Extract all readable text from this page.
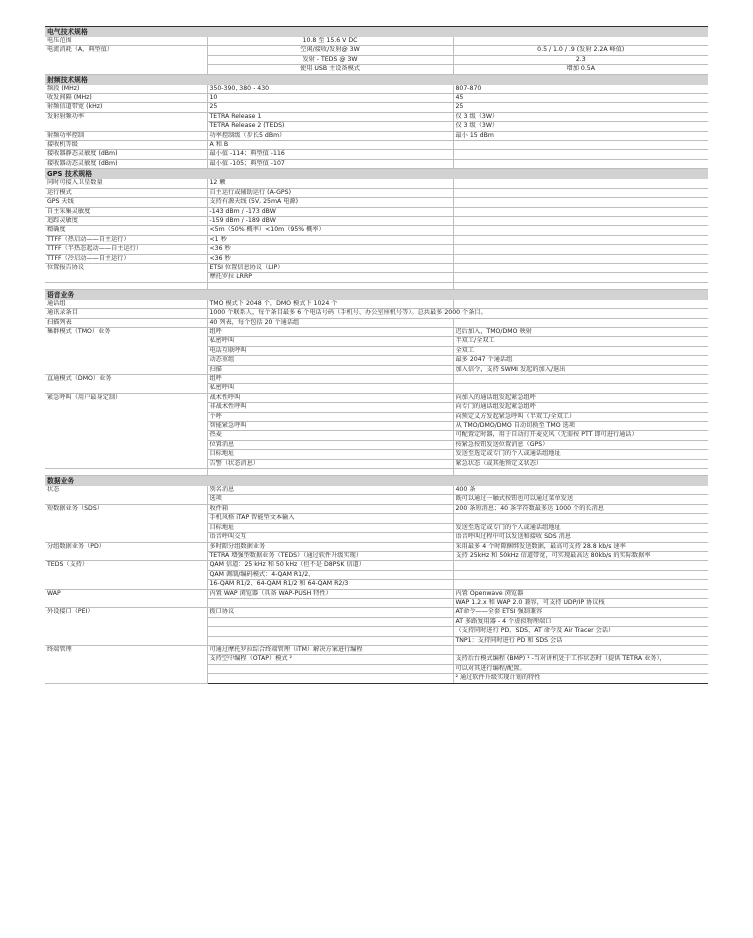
电气技术规格		
电压范围	10.8 至 15.6 V DC	
电流消耗（A，典型值）	空闲/接收/发射@ 3W	0.5 / 1.0 / .9 (发射 2.2A 峰值)
	发射 - TEDS @ 3W	2.3
	使用 USB 主设备模式	增加 0.5A
射频技术规格		
频段 (MHz)	350-390, 380 - 430	807-870
收发间隔 (MHz)	10	45
射频信道带宽 (kHz)	25	25
发射射频功率	TETRA Release 1	仅 3 级（3W）
	TETRA Release 2 (TEDS)	仅 3 级（3W）
射频功率控制	功率控制级（步长5 dBm）	最小 15 dBm
接收机等级	A 和 B	
接收器静态灵敏度 (dBm)	最小值 -114；典型值 -116	
接收器动态灵敏度 (dBm)	最小值 -105；典型值 -107	
GPS 技术规格		
同时可接入卫星数量	12 颗	
运行模式	自主运行或辅助运行 (A-GPS)	
GPS 天线	支持有源天线 (5V, 25mA 电源)	
自主采集灵敏度	-143 dBm / -173 dBW	
追踪灵敏度	-159 dBm / -189 dBW	
精确度	<5m（50% 概率）<10m（95% 概率）	
TTFF（热启动——自主运行）	<1 秒	
TTFF（半热态起动——自主运行）	<36 秒	
TTFF（冷启动——自主运行）	<36 秒	
位置报告协议	ETSI 位置信息协议（LIP）	
	摩托罗拉 LRRP	

语音业务		
通话组	TMO 模式下 2048 个，DMO 模式下 1024 个	
通讯录条目	1000 个联系人，每个条目最多 6 个电话号码（手机号、办公室座机号等）。总共最多 2000 个条目。	
扫描列表	40 列表，每个包括 20 个通话组	
集群模式（TMO）业务	组呼	迟后加入，TMO/DMO 映射
	私密呼叫	半双工/全双工
	电话互联呼叫	全双工
	动态重组	最多 2047 个通话组
	扫描	加入信令，支持 SWMI 发起的加入/退出
直通模式（DMO）业务	组呼	
	私密呼叫	
紧急呼叫（用户最身定制）	战术性呼叫	向加入的通话组发起紧急组呼
	非战术性呼叫	向专门的通话组发起紧急组呼
	个呼	向预定义方发起紧急呼叫（半双工/全双工）
	智能紧急呼叫	从 TMO/DMO/DMO 自动切换至 TMO 选项
	热麦	可配置定时器，用于自动打开麦克风（无需按 PTT 即可进行通话）
	位置消息	按紧急按钮发送位置消息（GPS）
	目标地址	发送至选定或专门的个人或通话组地址
	告警（状态消息）	紧急状态（或其他预定义状态）

数据业务		
状态	别名消息	400 条
	选项	既可以通过一触式按钮也可以通过菜单发送
短数据业务（SDS）	收件箱	200 条短消息；40 条字符数最多达 1000 个的长消息
	手机风格 iTAP 智能型文本输入	
	目标地址	发送至选定或专门的个人或通话组地址
	语音呼叫交互	语音呼叫过程中可以发送和接收 SDS 消息
分组数据业务（PD）	多时隙分组数据业务	采用最多 4 个时隙捆绑发送数据，最高可支持 28.8 kb/s 速率
	TETRA 增强型数据业务（TEDS）（通过软件升级实现）	支持 25kHz 和 50kHz 信道带宽，可实现最高达 80kb/s 的实际数据率
TEDS（支持）	QAM 信道：25 kHz 和 50 kHz（但不是 D8PSK 信道）	
	QAM 调制/编码模式：4-QAM R1/2、	
	16-QAM R1/2、64-QAM R1/2 和 64-QAM R2/3	
WAP	内置 WAP 浏览器（具备 WAP-PUSH 特性）	内置 Openwave 浏览器
		WAP 1.2.x 和 WAP 2.0 兼容，可支持 UDP/IP 协议栈
外设接口（PEI）	拨口协议	AT命令——全套 ETSI 强制兼容
		AT 多路复用器 - 4 个虚拟物理端口
		（支持同时进行 PD、SDS、AT 命令及 Air Tracer 会话）
		TNP1：支持同时进行 PD 和 SDS 会话
终端管理	可通过摩托罗拉综合终端管理（iTM）解决方案进行编程	
	支持空中编程（OTAP）模式 ²	支持后台模式编程 (BMP) ¹ -当对讲机处于工作状态时（提供 TETRA 业务），
		可以对其进行编程/配置。
		² 通过软件升级实现计划的特性
